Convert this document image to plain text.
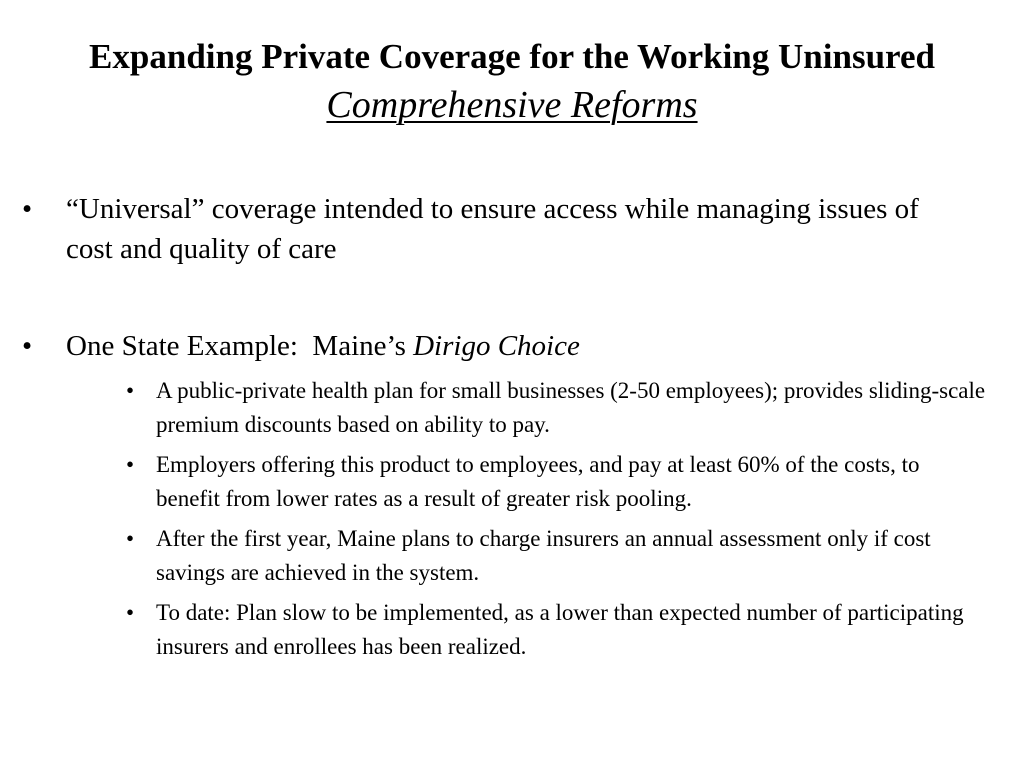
Expanding Private Coverage for the Working Uninsured
Comprehensive Reforms
•	“Universal” coverage intended to ensure access while managing issues of cost and quality of care
•	One State Example:  Maine’s Dirigo Choice
• A public-private health plan for small businesses (2-50 employees); provides sliding-scale premium discounts based on ability to pay.
• Employers offering this product to employees, and pay at least 60% of the costs, to benefit from lower rates as a result of greater risk pooling.
• After the first year, Maine plans to charge insurers an annual assessment only if cost savings are achieved in the system.
• To date: Plan slow to be implemented, as a lower than expected number of participating insurers and enrollees has been realized.
